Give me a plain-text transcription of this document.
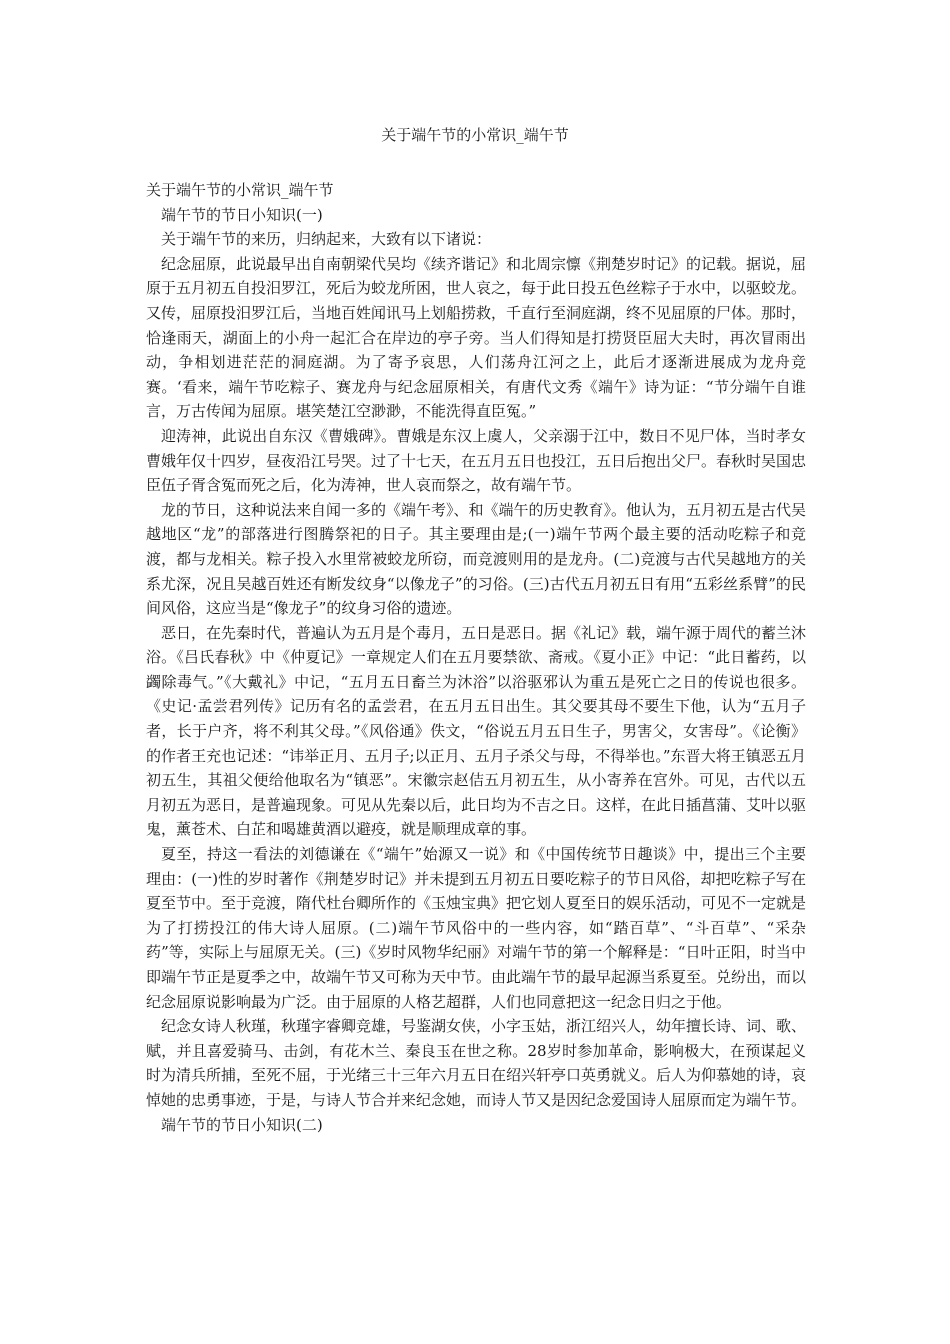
关于端午节的小常识_端午节

关于端午节的小常识_端午节

端午节的节日小知识(一)

关于端午节的来历，归纳起来，大致有以下诸说：

纪念屈原，此说最早出自南朝梁代吴均《续齐谐记》和北周宗懔《荆楚岁时记》的记载。据说，屈原于五月初五自投汨罗江，死后为蛟龙所困，世人哀之，每于此日投五色丝粽子于水中，以驱蛟龙。又传，屈原投汨罗江后，当地百姓闻讯马上划船捞救，千直行至洞庭湖，终不见屈原的尸体。那时，恰逢雨天，湖面上的小舟一起汇合在岸边的亭子旁。当人们得知是打捞贤臣屈大夫时，再次冒雨出动，争相划进茫茫的洞庭湖。为了寄予哀思，人们荡舟江河之上，此后才逐渐进展成为龙舟竞赛。‘看来，端午节吃粽子、赛龙舟与纪念屈原相关，有唐代文秀《端午》诗为证：“节分端午自谁言，万古传闻为屈原。堪笑楚江空渺渺，不能洗得直臣冤。”

迎涛神，此说出自东汉《曹娥碑》。曹娥是东汉上虞人，父亲溺于江中，数日不见尸体，当时孝女曹娥年仅十四岁，昼夜沿江号哭。过了十七天，在五月五日也投江，五日后抱出父尸。春秋时吴国忠臣伍子胥含冤而死之后，化为涛神，世人哀而祭之，故有端午节。

龙的节日，这种说法来自闻一多的《端午考》、和《端午的历史教育》。他认为，五月初五是古代吴越地区“龙”的部落进行图腾祭祀的日子。其主要理由是;(一)端午节两个最主要的活动吃粽子和竞渡，都与龙相关。粽子投入水里常被蛟龙所窃，而竞渡则用的是龙舟。(二)竞渡与古代吴越地方的关系尤深，况且吴越百姓还有断发纹身“以像龙子”的习俗。(三)古代五月初五日有用“五彩丝系臂”的民间风俗，这应当是“像龙子”的纹身习俗的遗迹。

恶日，在先秦时代，普遍认为五月是个毒月，五日是恶日。据《礼记》载，端午源于周代的蓄兰沐浴。《吕氏春秋》中《仲夏记》一章规定人们在五月要禁欲、斋戒。《夏小正》中记：“此日蓄药，以蠲除毒气。”《大戴礼》中记，“五月五日畜兰为沐浴”以浴驱邪认为重五是死亡之日的传说也很多。《史记·孟尝君列传》记历有名的孟尝君，在五月五日出生。其父要其母不要生下他，认为“五月子者，长于户齐，将不利其父母。”《风俗通》佚文，“俗说五月五日生子，男害父，女害母”。《论衡》的作者王充也记述：“讳举正月、五月子;以正月、五月子杀父与母，不得举也。”东晋大将王镇恶五月初五生，其祖父便给他取名为“镇恶”。宋徽宗赵佶五月初五生，从小寄养在宫外。可见，古代以五月初五为恶日，是普遍现象。可见从先秦以后，此日均为不吉之日。这样，在此日插菖蒲、艾叶以驱鬼，薰苍术、白芷和喝雄黄酒以避疫，就是顺理成章的事。

夏至，持这一看法的刘德谦在《“端午”始源又一说》和《中国传统节日趣谈》中，提出三个主要理由：(一)性的岁时著作《荆楚岁时记》并未提到五月初五日要吃粽子的节日风俗，却把吃粽子写在夏至节中。至于竞渡，隋代杜台卿所作的《玉烛宝典》把它划人夏至日的娱乐活动，可见不一定就是为了打捞投江的伟大诗人屈原。(二)端午节风俗中的一些内容，如“踏百草”、“斗百草”、“采杂药”等，实际上与屈原无关。(三)《岁时风物华纪丽》对端午节的第一个解释是：“日叶正阳，时当中即端午节正是夏季之中，故端午节又可称为天中节。由此端午节的最早起源当系夏至。兑纷出，而以纪念屈原说影响最为广泛。由于屈原的人格艺超群，人们也同意把这一纪念日归之于他。

纪念女诗人秋瑾，秋瑾字睿卿竞雄，号鉴湖女侠，小字玉姑，浙江绍兴人，幼年擅长诗、词、歌、赋，并且喜爱骑马、击剑，有花木兰、秦良玉在世之称。28岁时参加革命，影响极大，在预谋起义时为清兵所捕，至死不屈，于光绪三十三年六月五日在绍兴轩亭口英勇就义。后人为仰慕她的诗，哀悼她的忠勇事迹，于是，与诗人节合并来纪念她，而诗人节又是因纪念爱国诗人屈原而定为端午节。

端午节的节日小知识(二)
